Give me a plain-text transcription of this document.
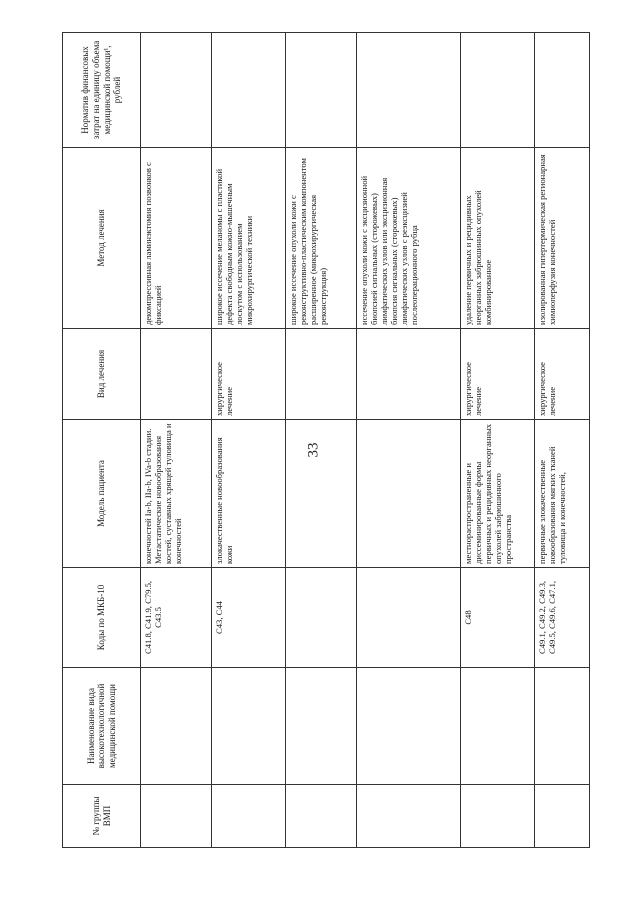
33
№ группы ВМП	Наименование вида высокотехнологичной медицинской помощи	Коды по МКБ-10	Модель пациента	Вид лечения	Метод лечения	Норматив финансовых затрат на единицу объема медицинской помощи¹, рублей
		C41.8, C41.9, C79.5, C43.5	конечностей Ia-b, IIa-b, IVa-b стадии. Метастатические новообразования костей, суставных хрящей туловища и конечностей		декомпрессивная ламинэктомия позвонков с фиксацией	
		C43, C44	злокачественные новообразования кожи	хирургическое лечение	широкое иссечение меланомы с пластикой дефекта свободным кожно-мышечным лоскутом с использованием микрохирургической техники	
					широкое иссечение опухоли кожи с реконструктивно-пластическим компонентом расширенное (микрохирургическая реконструкция)	
					иссечение опухоли кожи с эксцизионной биопсией сигнальных (сторожевых) лимфатических узлов или эксцизионная биопсия сигнальных (сторожевых) лимфатических узлов с реэксцизией послеоперационного рубца	
		C48	местнораспространенные и диссеминированные формы первичных и рецидивных неорганных опухолей забрюшинного пространства	хирургическое лечение	удаление первичных и рецидивных неорганных забрюшинных опухолей комбинированное	
		C49.1, C49.2, C49.3, C49.5, C49.6, C47.1,	первичные злокачественные новообразования мягких тканей туловища и конечностей,	хирургическое лечение	изолированная гипертермическая регионарная химиоперфузия конечностей	
